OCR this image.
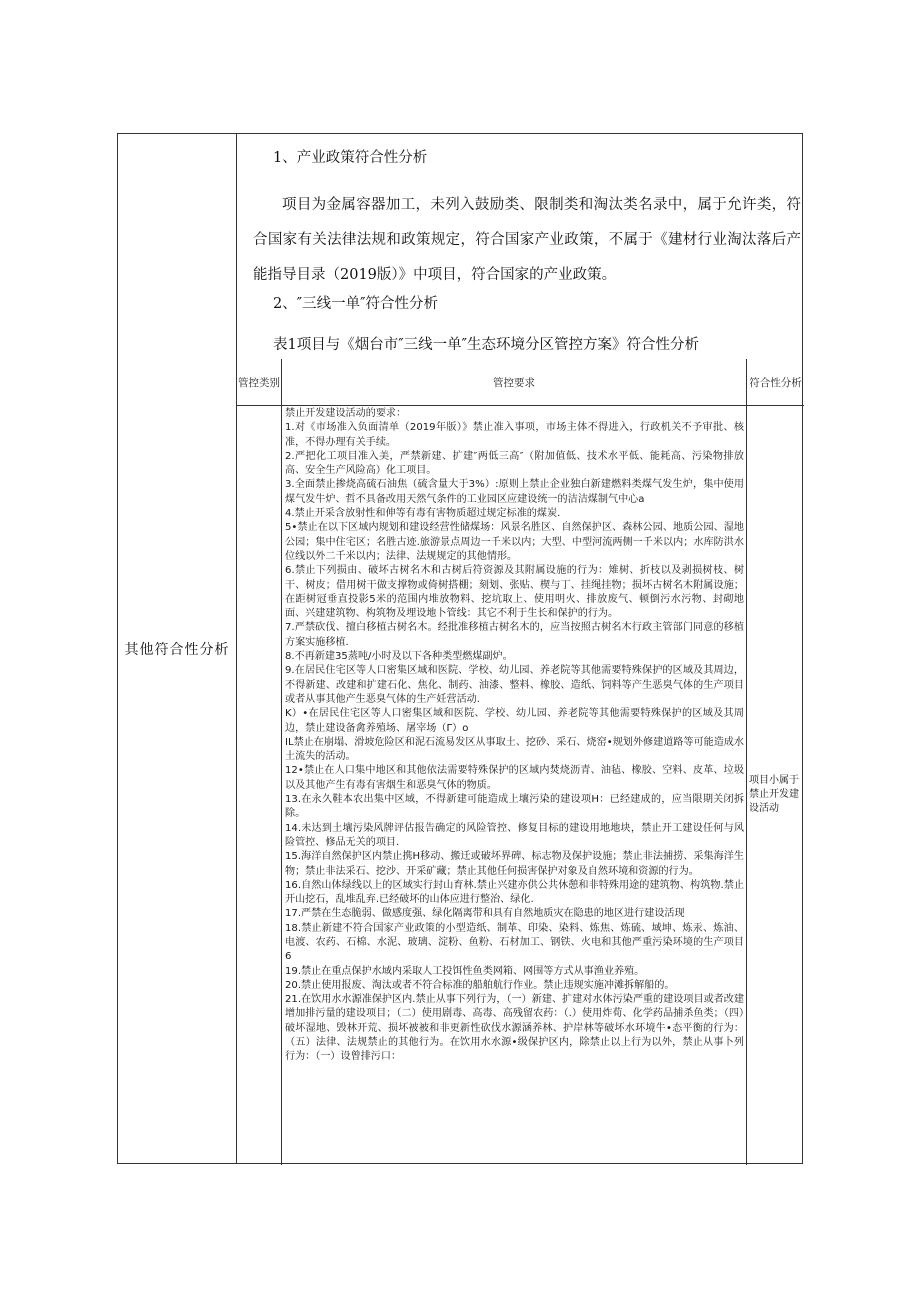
其他符合性分析
1、产业政策符合性分析
项目为金属容器加工，未列入鼓励类、限制类和淘汰类名录中，属于允许类，符合国家有关法律法规和政策规定，符合国家产业政策，不属于《建材行业淘汰落后产能指导目录（2019版）》中项目，符合国家的产业政策。
2、″三线一单″符合性分析
表1项目与《烟台市″三线一单″生态环境分区管控方案》符合性分析
管控类别	管控要求	符合性分析
禁止开发建设活动的要求：
1.对《市场准入负面清单（2019年版）》禁止准入事项，市场主体不得进入，行政机关不予审批、核准，不得办理有关手续。
2.严把化工项目准入美，严禁新建、扩建″两低三高″（附加值低、技术水平低、能耗高、污染物排放高、安全生产风险高）化工项目。
3.全面禁止掺烧高硫石油焦（硫含量大于3%）:原则上禁止企业独白新建燃料类煤气发生炉，集中使用煤气发牛炉、哲不具备改用天然气条件的工业园区应建设统一的洁洁煤制气中心a
4.禁止开采含放射性和伸等有毒有害物质超过规定标准的煤炭.
5•禁止在以下区域内规划和建设经营性储煤场：风景名胜区、自然保护区、森林公园、地质公园、湿地公园；集中住宅区；名胜古迹.旅游景点周边一千米以内；大型、中型河流两侧一千米以内；水库防洪水位线以外二千米以内；法律、法规规定的其他情形。
6.禁止下列损由、破坏古树名木和古树后符资源及其附属设施的行为：雉树、折枝以及剥损树枝、树干、树皮；借用树干做支撑物或倚树搭棚；刻划、张贴、楔与丁、挂绳挂物；损坏古树名木附属设施；在距树冠垂直投影5米的范围内堆放物料、挖坑取上、使用明火、排放废气、顿倒污水污物、封砌地面、兴建建筑物、构筑物及埋设地卜管线：其它不利于生长和保护的行为。
7.严禁砍伐、擅白移植古树名木。经批准移植古树名木的，应当按照古树名木行政主管部门同意的移植方案实施移植.
8.不再新建35蒸吨/小时及以下各种类型燃煤副炉。
9.在居民住宅区等人口密集区域和医院、学校、幼儿园、养老院等其他需要特殊保护的区域及其周边，不得新建、改建和扩建石化、焦化、制药、油漆、整料、橡胶、造纸、饲料等产生恶臭气体的生产项目或者从事其他产生恶臭气体的生产妊营活动.
K）•在居民住宅区等人口密集区域和医院、学校、幼儿园、养老院等其他需要特殊保护的区域及其周边，禁止建设备禽养殖场、屠宰场（Γ）o
IL禁止在崩塌、滑坡危险区和泥石流易发区从事取土、挖砂、采石、烧窑•规划外修建道路等可能造成水土流失的活动。
12•禁止在人口集中地区和其他依法需要特殊保护的区域内焚烧沥青、油毡、橡胶、空料、皮革、垃圾以及其他产生有毒有害烟生和恶臭气体的物质。
13.在永久鞋本农出集中区域，不得新建可能造成上壤污染的建设项H：已经建成的，应当限期关闭拆除。
14.未达到土壤污染风牌评估报告确定的风险管控、修复目标的建设用地地块，禁止开工建设任何与风险管控、修品无关的项目.
15.海洋自然保护区内禁止携H移动、搬迁或破坏界碑、标志物及保护设施；禁止非法捕捞、采集海洋生物；禁止非法采石、挖沙、开采矿藏；禁止其他任何损害保护对象及自然环境和资源的行为。
16.自然山体绿线以上的区域实行封山育林.禁止兴建亦供公共休憩和非特殊用途的建筑物、构筑物.禁止开山挖石，乱堆乱弃.已经破坏的山体应进行整治、绿化.
17.严禁在生态脆弱、做感度强、绿化隔离带和具有自然地质灾在隐患的地区进行建设活现
18.禁止新建不符合国家产业政策的小型造纸、制革、印染、染料、炼焦、炼硫、域坤、炼汞、炼油、电渡、农药、石棉、水泥、玻璃、淀粉、鱼粉、石材加工、钢铁、火电和其他严重污染环境的生产项目6
19.禁止在重点保护水域内采取人工投饵性鱼类网箱、网围等方式从事渔业养殖。
20.禁止使用报废、淘汰或者不符合标准的船舶航行作业。禁止违规实施冲滩拆解船的。
21.在饮用水水源准保护区内.禁止从事下列行为，（一）新建、扩建对水体污染严重的建设项目或者改建增加排污量的建设项目；（二）使用剧毒、高毒、高残留农药：（.）使用炸荀、化学药品捕杀鱼类；（四）破坏湿地、毁林开荒、损坏被被和非更新性砍伐水源涵养林、护岸林等破坏水环境牛•态平衡的行为：（五）法律、法规禁止的其他行为。在饮用水水源•级保护区内，除禁止以上行为以外，禁止从事卜列行为：（一）设曾排污口：
项目小属于禁止开发建设活动
